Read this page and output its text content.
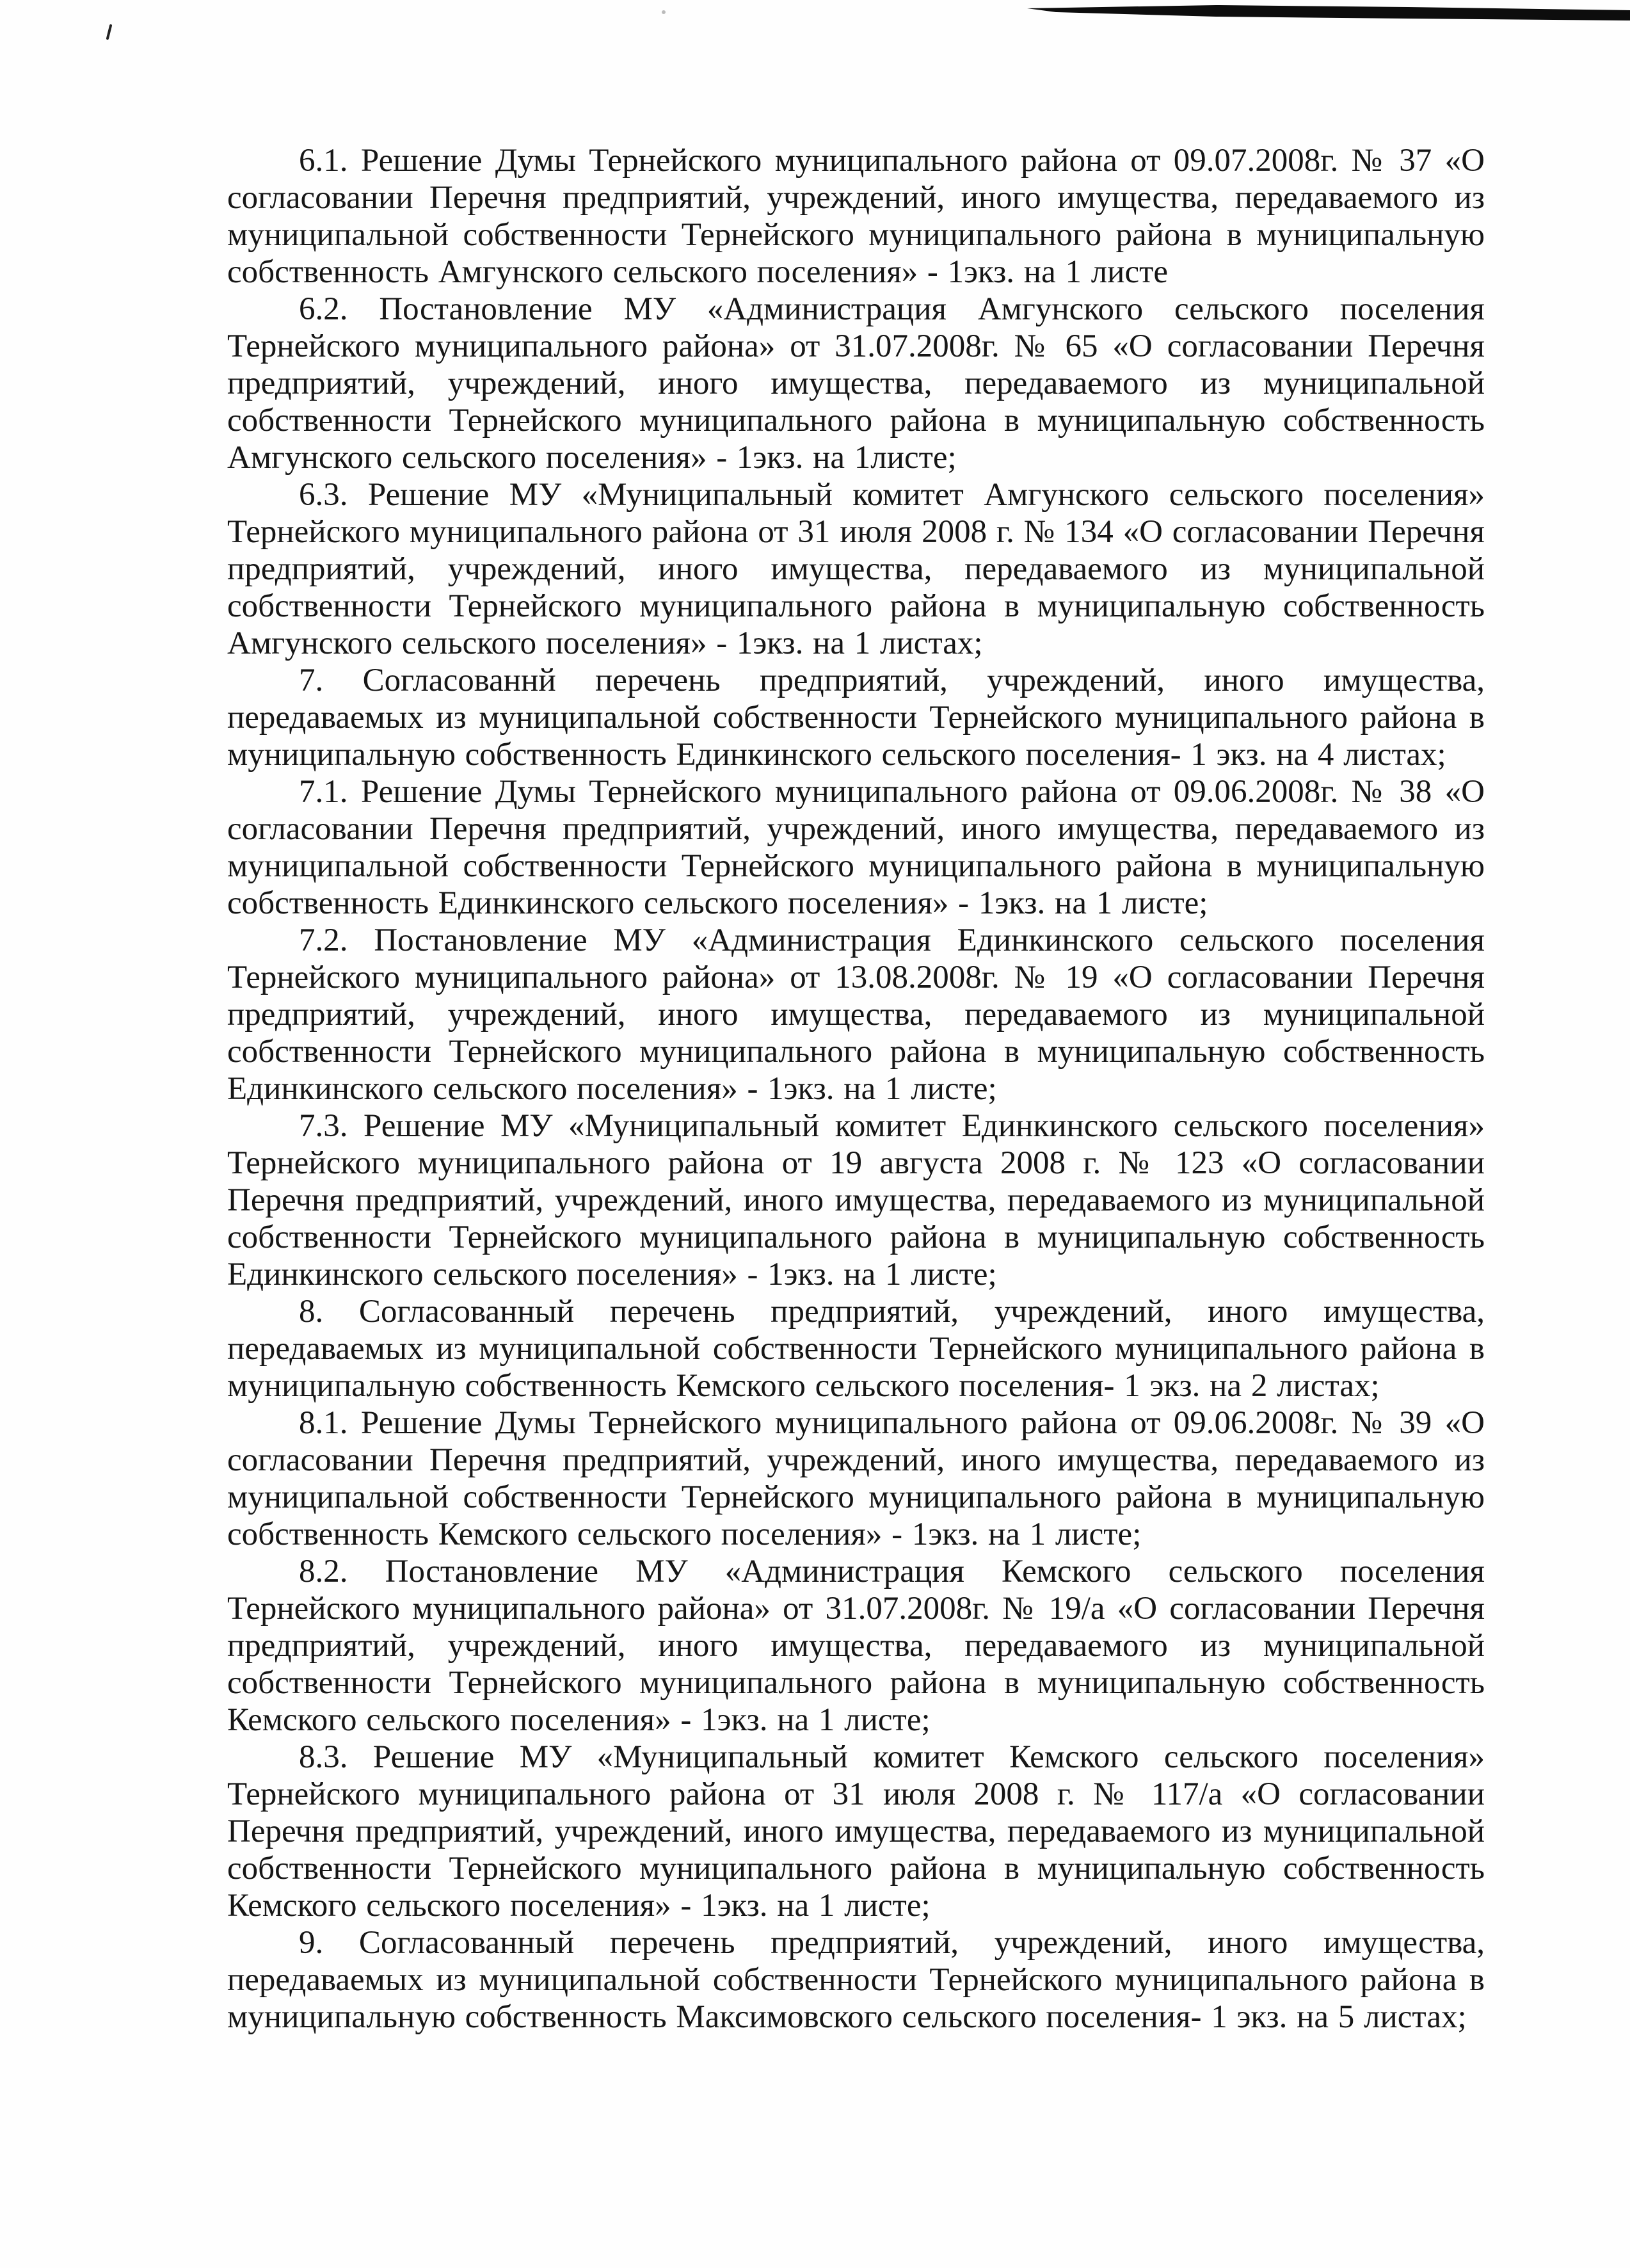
6.1. Решение Думы Тернейского муниципального района от 09.07.2008г. № 37 «О согласовании Перечня предприятий, учреждений, иного имущества, передаваемого из муниципальной собственности Тернейского муниципального района в муниципальную собственность Амгунского сельского поселения» - 1экз. на 1 листе

6.2. Постановление МУ «Администрация Амгунского сельского поселения Тернейского муниципального района» от 31.07.2008г. № 65 «О согласовании Перечня предприятий, учреждений, иного имущества, передаваемого из муниципальной собственности Тернейского муниципального района в муниципальную собственность Амгунского сельского поселения» - 1экз. на 1листе;

6.3. Решение МУ «Муниципальный комитет Амгунского сельского поселения» Тернейского муниципального района от 31 июля 2008 г. № 134 «О согласовании Перечня предприятий, учреждений, иного имущества, передаваемого из муниципальной собственности Тернейского муниципального района в муниципальную собственность Амгунского сельского поселения» - 1экз. на 1 листах;

7. Согласованнй перечень предприятий, учреждений, иного имущества, передаваемых из муниципальной собственности Тернейского муниципального района в муниципальную собственность Единкинского сельского поселения- 1 экз. на 4 листах;

7.1. Решение Думы Тернейского муниципального района от 09.06.2008г. № 38 «О согласовании Перечня предприятий, учреждений, иного имущества, передаваемого из муниципальной собственности Тернейского муниципального района в муниципальную собственность Единкинского сельского поселения» - 1экз. на 1 листе;

7.2. Постановление МУ «Администрация Единкинского сельского поселения Тернейского муниципального района» от 13.08.2008г. № 19 «О согласовании Перечня предприятий, учреждений, иного имущества, передаваемого из муниципальной собственности Тернейского муниципального района в муниципальную собственность Единкинского сельского поселения» - 1экз. на 1 листе;

7.3. Решение МУ «Муниципальный комитет Единкинского сельского поселения» Тернейского муниципального района от 19 августа 2008 г. № 123 «О согласовании Перечня предприятий, учреждений, иного имущества, передаваемого из муниципальной собственности Тернейского муниципального района в муниципальную собственность Единкинского сельского поселения» - 1экз. на 1 листе;

8. Согласованный перечень предприятий, учреждений, иного имущества, передаваемых из муниципальной собственности Тернейского муниципального района в муниципальную собственность Кемского сельского поселения- 1 экз. на 2 листах;

8.1. Решение Думы Тернейского муниципального района от 09.06.2008г. № 39 «О согласовании Перечня предприятий, учреждений, иного имущества, передаваемого из муниципальной собственности Тернейского муниципального района в муниципальную собственность Кемского сельского поселения» - 1экз. на 1 листе;

8.2. Постановление МУ «Администрация Кемского сельского поселения Тернейского муниципального района» от 31.07.2008г. № 19/а «О согласовании Перечня предприятий, учреждений, иного имущества, передаваемого из муниципальной собственности Тернейского муниципального района в муниципальную собственность Кемского сельского поселения» - 1экз. на 1 листе;

8.3. Решение МУ «Муниципальный комитет Кемского сельского поселения» Тернейского муниципального района от 31 июля 2008 г. № 117/а «О согласовании Перечня предприятий, учреждений, иного имущества, передаваемого из муниципальной собственности Тернейского муниципального района в муниципальную собственность Кемского сельского поселения» - 1экз. на 1 листе;

9. Согласованный перечень предприятий, учреждений, иного имущества, передаваемых из муниципальной собственности Тернейского муниципального района в муниципальную собственность Максимовского сельского поселения- 1 экз. на 5 листах;
